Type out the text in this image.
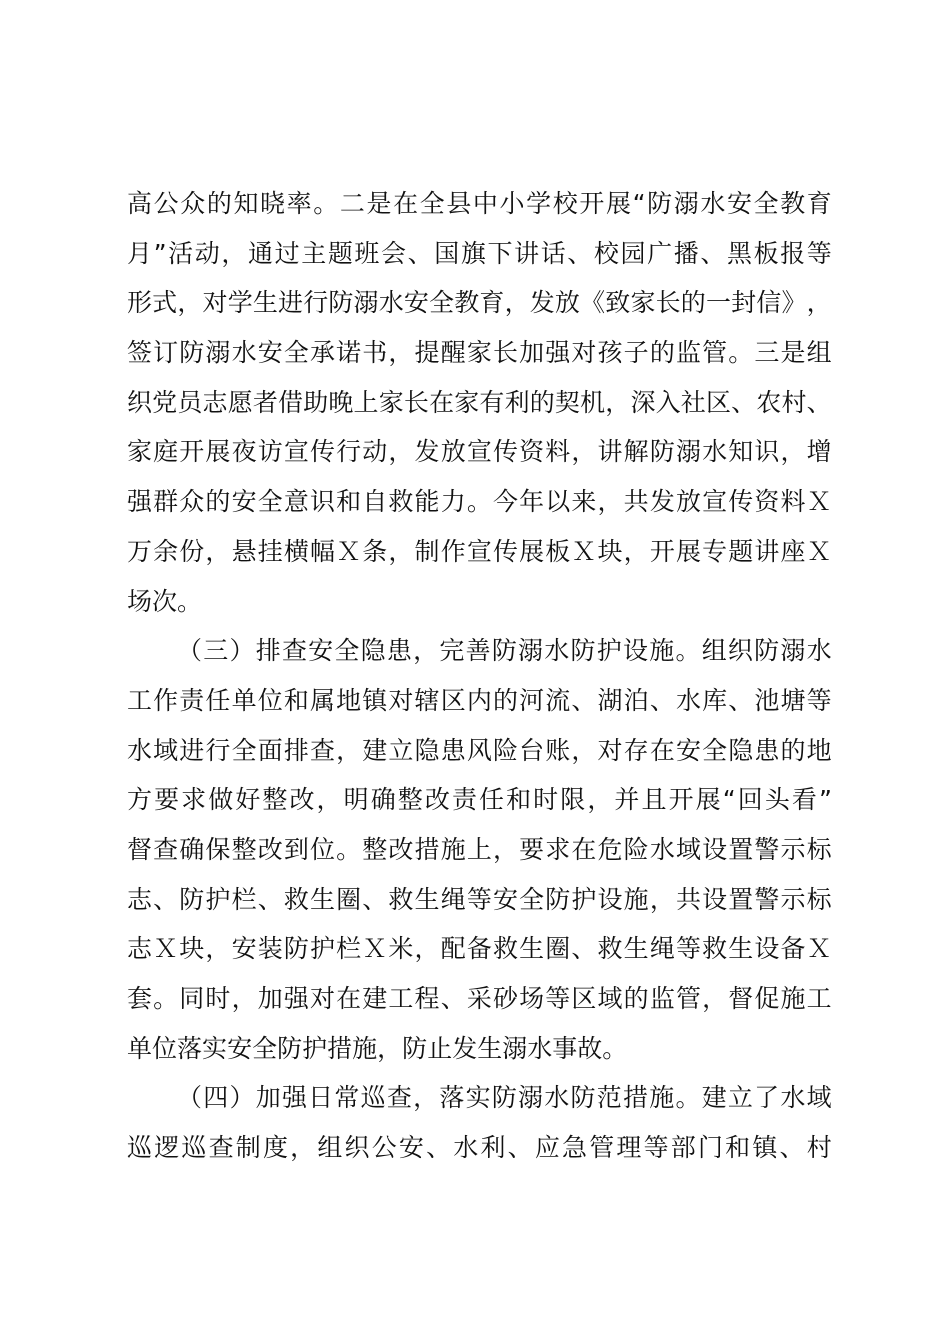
高 公 众 的 知 晓 率 。 二 是 在 全 县 中 小 学 校 开 展 “ 防 溺 水 安 全 教 育
月 ” 活 动 ， 通 过 主 题 班 会 、 国 旗 下 讲 话 、 校 园 广 播 、 黑 板 报 等
形 式 ， 对 学 生 进 行 防 溺 水 安 全 教 育 ， 发 放 《 致 家 长 的 一 封 信 》 ，
签 订 防 溺 水 安 全 承 诺 书 ， 提 醒 家 长 加 强 对 孩 子 的 监 管 。 三 是 组
织 党 员 志 愿 者 借 助 晚 上 家 长 在 家 有 利 的 契 机 ， 深 入 社 区 、 农 村 、
家 庭 开 展 夜 访 宣 传 行 动 ， 发 放 宣 传 资 料 ， 讲 解 防 溺 水 知 识 ， 增
强 群 众 的 安 全 意 识 和 自 救 能 力 。 今 年 以 来 ， 共 发 放 宣 传 资 料 Ｘ
万 余 份 ， 悬 挂 横 幅 Ｘ 条 ， 制 作 宣 传 展 板 Ｘ 块 ， 开 展 专 题 讲 座 Ｘ
场 次 。
（ 三 ） 排 查 安 全 隐 患 ， 完 善 防 溺 水 防 护 设 施 。 组 织 防 溺 水
工 作 责 任 单 位 和 属 地 镇 对 辖 区 内 的 河 流 、 湖 泊 、 水 库 、 池 塘 等
水 域 进 行 全 面 排 查 ， 建 立 隐 患 风 险 台 账 ， 对 存 在 安 全 隐 患 的 地
方 要 求 做 好 整 改 ， 明 确 整 改 责 任 和 时 限 ， 并 且 开 展 “ 回 头 看 ”
督 查 确 保 整 改 到 位 。 整 改 措 施 上 ， 要 求 在 危 险 水 域 设 置 警 示 标
志 、 防 护 栏 、 救 生 圈 、 救 生 绳 等 安 全 防 护 设 施 ， 共 设 置 警 示 标
志 Ｘ 块 ， 安 装 防 护 栏 Ｘ 米 ， 配 备 救 生 圈 、 救 生 绳 等 救 生 设 备 Ｘ
套 。 同 时 ， 加 强 对 在 建 工 程 、 采 砂 场 等 区 域 的 监 管 ， 督 促 施 工
单 位 落 实 安 全 防 护 措 施 ， 防 止 发 生 溺 水 事 故 。
（ 四 ） 加 强 日 常 巡 查 ， 落 实 防 溺 水 防 范 措 施 。 建 立 了 水 域
巡 逻 巡 查 制 度 ， 组 织 公 安 、 水 利 、 应 急 管 理 等 部 门 和 镇 、 村
